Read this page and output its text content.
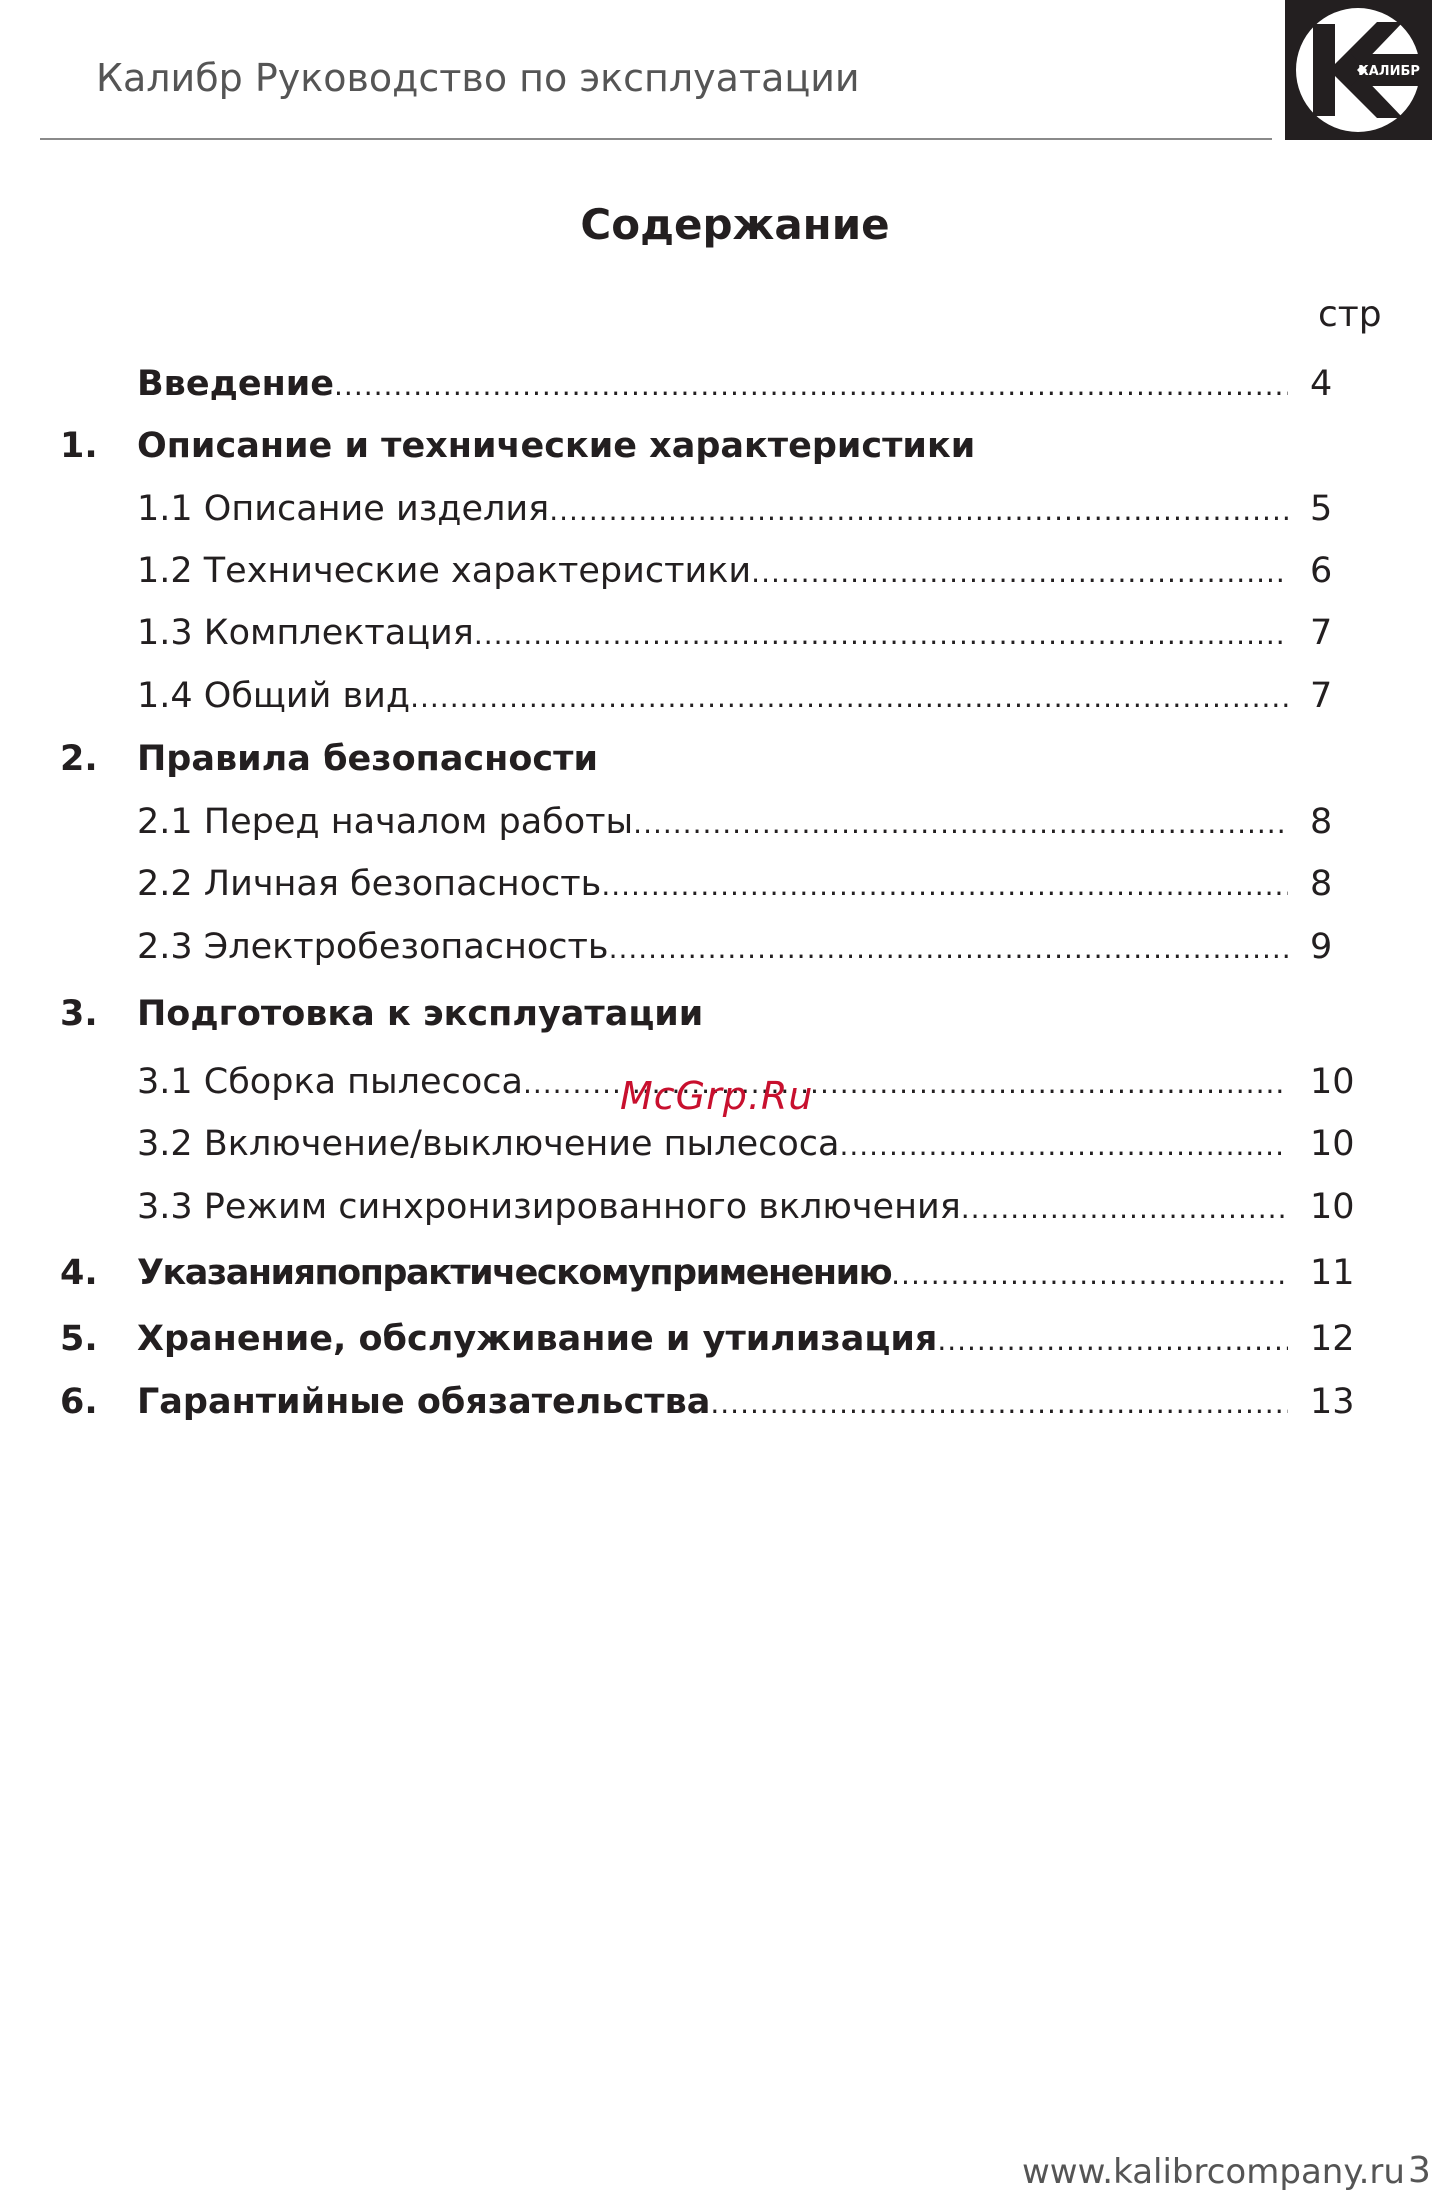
Калибр Руководство по эксплуатации	КАЛИБР
Содержание
стр
Введение .....	4
1.	Описание и технические характеристики
1.1 Описание изделия .....	5
1.2 Технические характеристики .....	6
1.3 Комплектация .....	7
1.4 Общий вид .....	7
2.	Правила безопасности
2.1 Перед началом работы .....	8
2.2 Личная безопасность .....	8
2.3 Электробезопасность .....	9
3.	Подготовка к эксплуатации
3.1 Сборка пылесоса .....	10
3.2 Включение/выключение пылесоса .....	10
3.3 Режим синхронизированного включения .....	10
4.	Указанияпопрактическомуприменению .....	11
5.	Хранение, обслуживание и утилизация .....	12
6.	Гарантийные обязательства .....	13
McGrp.Ru
www.kalibrcompany.ru 3
